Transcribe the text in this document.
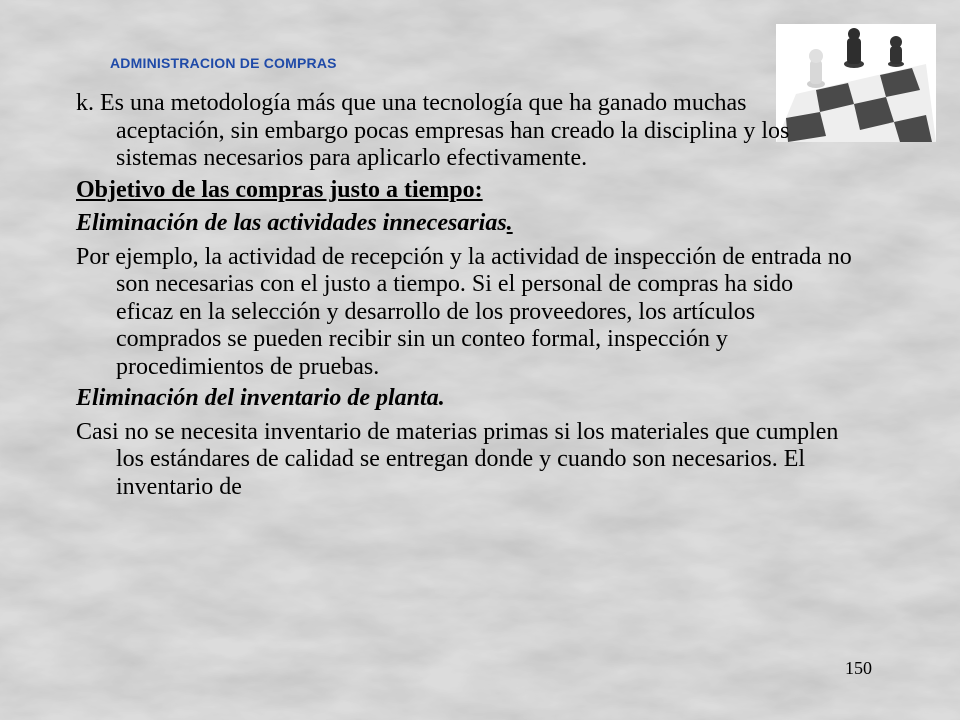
ADMINISTRACION DE COMPRAS

k. Es una metodología más que una tecnología que ha ganado muchas aceptación, sin embargo pocas empresas han creado la disciplina y los sistemas necesarios para aplicarlo efectivamente.

Objetivo de las compras justo a tiempo:

Eliminación de las actividades innecesarias.

Por ejemplo, la actividad de recepción y la actividad de inspección de entrada no son necesarias con el justo a tiempo. Si el personal de compras ha sido eficaz en la selección y desarrollo de los proveedores, los artículos comprados se pueden recibir sin un conteo formal, inspección y procedimientos de pruebas.

Eliminación del inventario de planta.

Casi no se necesita inventario de materias primas si los materiales que cumplen los estándares de calidad se entregan donde y cuando son necesarios. El inventario de

150
